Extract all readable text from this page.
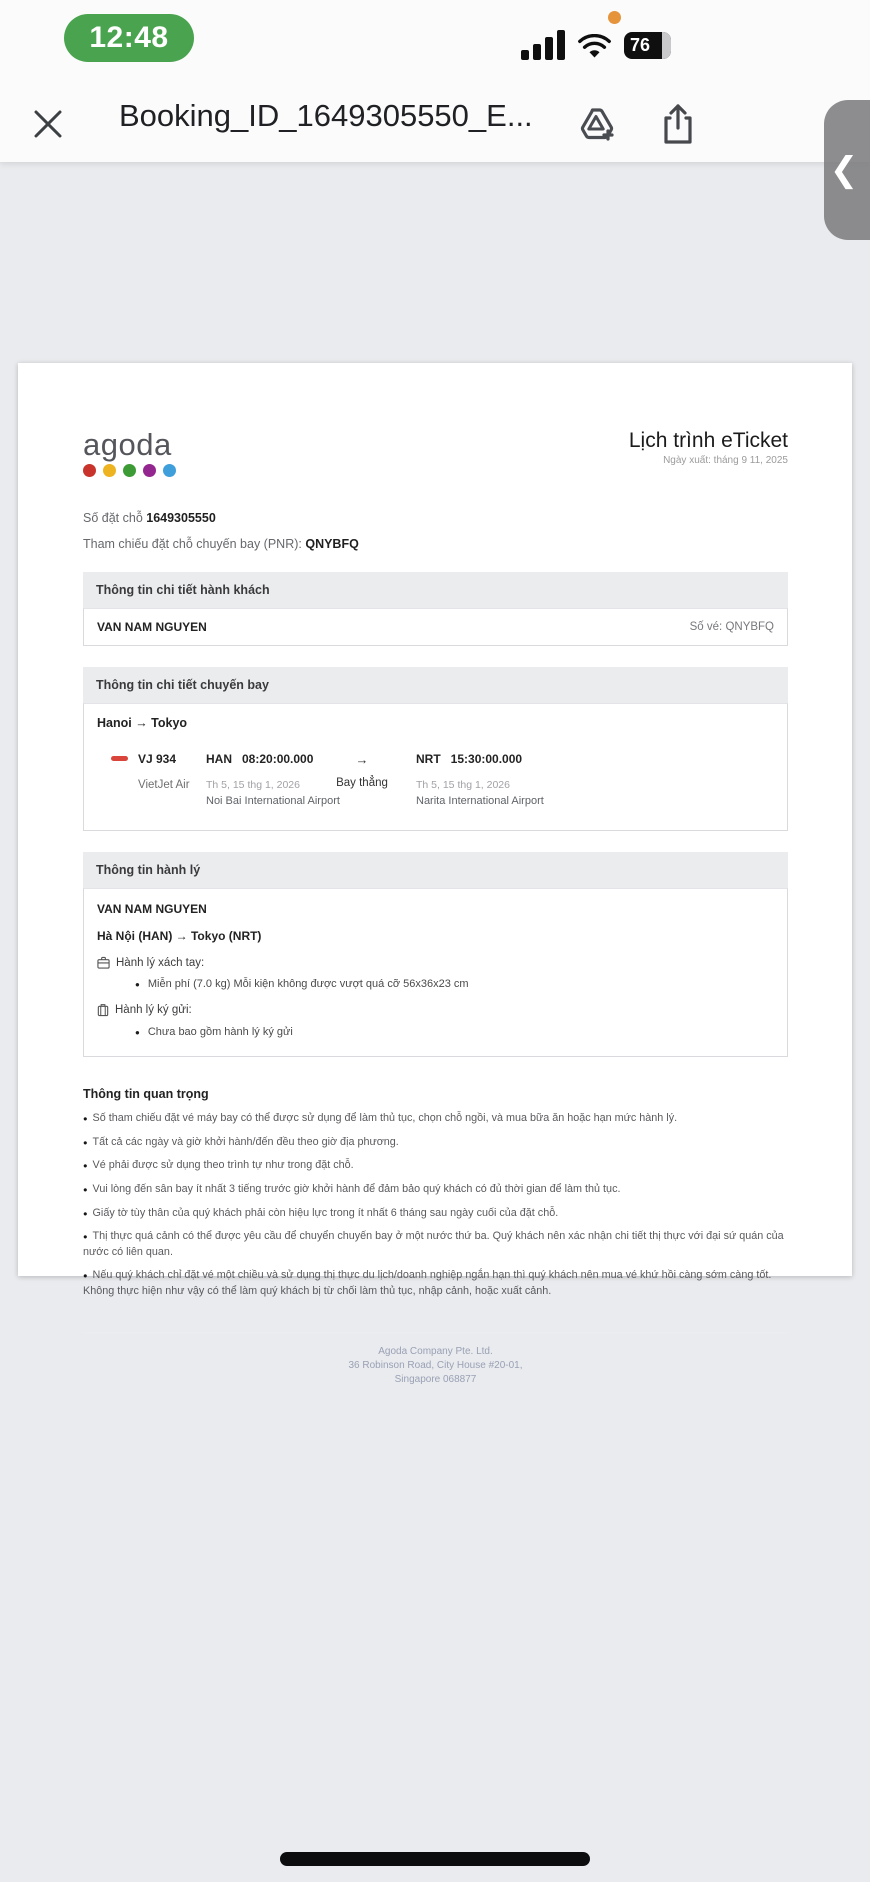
12:48	76
Booking_ID_1649305550_E...
❮
agoda	Lịch trình eTicket
Ngày xuất: tháng 9 11, 2025
Số đặt chỗ 1649305550
Tham chiếu đặt chỗ chuyến bay (PNR): QNYBFQ
Thông tin chi tiết hành khách
VAN NAM NGUYEN	Số vé: QNYBFQ
Thông tin chi tiết chuyến bay
Hanoi → Tokyo
VJ 934
VietJet Air
HAN 08:20:00.000
Th 5, 15 thg 1, 2026
Noi Bai International Airport
→
Bay thẳng
NRT 15:30:00.000
Th 5, 15 thg 1, 2026
Narita International Airport
Thông tin hành lý
VAN NAM NGUYEN
Hà Nội (HAN) → Tokyo (NRT)
Hành lý xách tay:
● Miễn phí (7.0 kg) Mỗi kiện không được vượt quá cỡ 56x36x23 cm
Hành lý ký gửi:
● Chưa bao gồm hành lý ký gửi
Thông tin quan trọng
● Số tham chiếu đặt vé máy bay có thể được sử dụng để làm thủ tục, chọn chỗ ngồi, và mua bữa ăn hoặc hạn mức hành lý.
● Tất cả các ngày và giờ khởi hành/đến đều theo giờ địa phương.
● Vé phải được sử dụng theo trình tự như trong đặt chỗ.
● Vui lòng đến sân bay ít nhất 3 tiếng trước giờ khởi hành để đảm bảo quý khách có đủ thời gian để làm thủ tục.
● Giấy tờ tùy thân của quý khách phải còn hiệu lực trong ít nhất 6 tháng sau ngày cuối của đặt chỗ.
● Thị thực quá cảnh có thể được yêu cầu để chuyển chuyến bay ở một nước thứ ba. Quý khách nên xác nhận chi tiết thị thực với đại sứ quán của nước có liên quan.
● Nếu quý khách chỉ đặt vé một chiều và sử dụng thị thực du lịch/doanh nghiệp ngắn hạn thì quý khách nên mua vé khứ hồi càng sớm càng tốt. Không thực hiện như vậy có thể làm quý khách bị từ chối làm thủ tục, nhập cảnh, hoặc xuất cảnh.
Agoda Company Pte. Ltd.
36 Robinson Road, City House #20-01,
Singapore 068877
